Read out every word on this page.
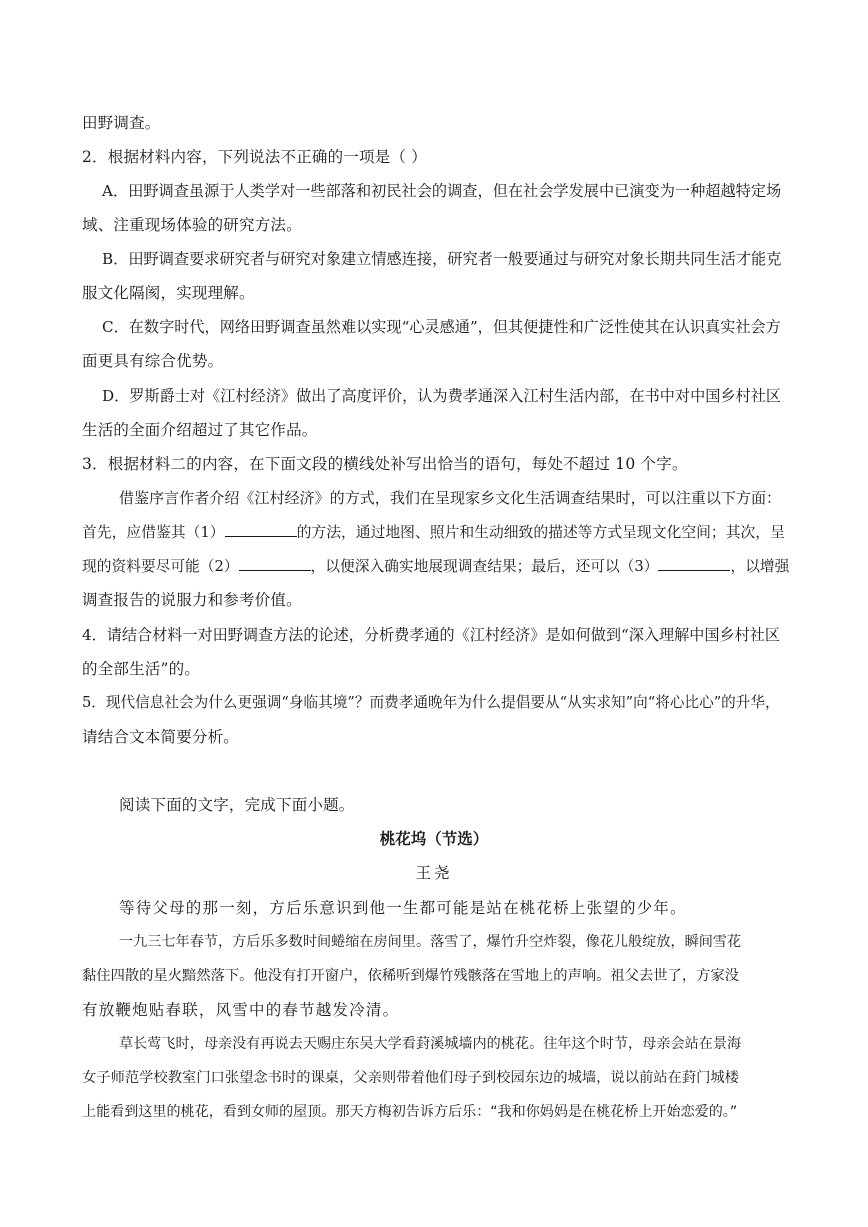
田野调查。
2．根据材料内容，下列说法不正确的一项是（ ）
A．田野调查虽源于人类学对一些部落和初民社会的调查，但在社会学发展中已演变为一种超越特定场
域、注重现场体验的研究方法。
B．田野调查要求研究者与研究对象建立情感连接，研究者一般要通过与研究对象长期共同生活才能克
服文化隔阂，实现理解。
C．在数字时代，网络田野调查虽然难以实现“心灵感通”，但其便捷性和广泛性使其在认识真实社会方
面更具有综合优势。
D．罗斯爵士对《江村经济》做出了高度评价，认为费孝通深入江村生活内部，在书中对中国乡村社区
生活的全面介绍超过了其它作品。
3．根据材料二的内容，在下面文段的横线处补写出恰当的语句，每处不超过 10 个字。
借鉴序言作者介绍《江村经济》的方式，我们在呈现家乡文化生活调查结果时，可以注重以下方面：
首先，应借鉴其（1）	的方法，通过地图、照片和生动细致的描述等方式呈现文化空间；其次，呈
现的资料要尽可能（2）	，以便深入确实地展现调查结果；最后，还可以（3）	，以增强
调查报告的说服力和参考价值。
4．请结合材料一对田野调查方法的论述，分析费孝通的《江村经济》是如何做到“深入理解中国乡村社区
的全部生活”的。
5．现代信息社会为什么更强调“身临其境”？而费孝通晚年为什么提倡要从“从实求知”向“将心比心”的升华，
请结合文本简要分析。
阅读下面的文字，完成下面小题。
桃花坞（节选）
王尧
等待父母的那一刻，方后乐意识到他一生都可能是站在桃花桥上张望的少年。
一九三七年春节，方后乐多数时间蜷缩在房间里。落雪了，爆竹升空炸裂，像花儿般绽放，瞬间雪花
黏住四散的星火黯然落下。他没有打开窗户，依稀听到爆竹残骸落在雪地上的声响。祖父去世了，方家没
有放鞭炮贴春联，风雪中的春节越发冷清。
草长莺飞时，母亲没有再说去天赐庄东吴大学看葑溪城墙内的桃花。往年这个时节，母亲会站在景海
女子师范学校教室门口张望念书时的课桌，父亲则带着他们母子到校园东边的城墙，说以前站在葑门城楼
上能看到这里的桃花，看到女师的屋顶。那天方梅初告诉方后乐：“我和你妈妈是在桃花桥上开始恋爱的。”
